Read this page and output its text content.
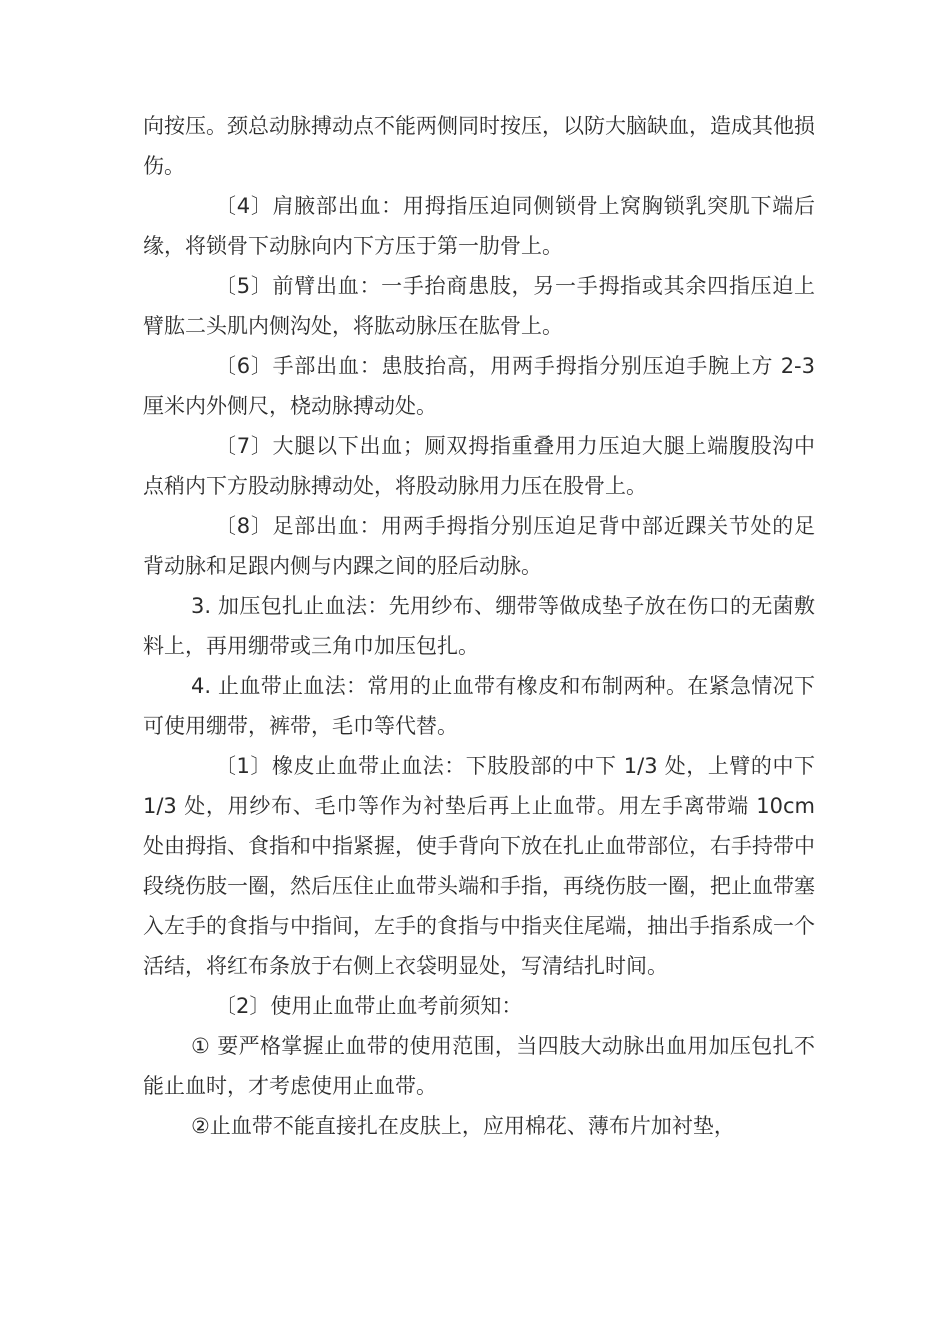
向按压。颈总动脉搏动点不能两侧同时按压，以防大脑缺血，造成其他损伤。

〔4〕肩腋部出血：用拇指压迫同侧锁骨上窝胸锁乳突肌下端后缘，将锁骨下动脉向内下方压于第一肋骨上。

〔5〕前臂出血：一手抬商患肢，另一手拇指或其余四指压迫上臂肱二头肌内侧沟处，将肱动脉压在肱骨上。

〔6〕手部出血：患肢抬高，用两手拇指分别压迫手腕上方 2-3 厘米内外侧尺，桡动脉搏动处。

〔7〕大腿以下出血；厕双拇指重叠用力压迫大腿上端腹股沟中点稍内下方股动脉搏动处，将股动脉用力压在股骨上。

〔8〕足部出血：用两手拇指分别压迫足背中部近踝关节处的足背动脉和足跟内侧与内踝之间的胫后动脉。

3. 加压包扎止血法：先用纱布、绷带等做成垫子放在伤口的无菌敷料上，再用绷带或三角巾加压包扎。

4. 止血带止血法：常用的止血带有橡皮和布制两种。在紧急情况下可使用绷带，裤带，毛巾等代替。

〔1〕橡皮止血带止血法：下肢股部的中下 1/3 处，上臂的中下 1/3 处，用纱布、毛巾等作为衬垫后再上止血带。用左手离带端 10cm 处由拇指、食指和中指紧握，使手背向下放在扎止血带部位，右手持带中段绕伤肢一圈，然后压住止血带头端和手指，再绕伤肢一圈，把止血带塞入左手的食指与中指间，左手的食指与中指夹住尾端，抽出手指系成一个活结，将红布条放于右侧上衣袋明显处，写清结扎时间。

〔2〕使用止血带止血考前须知：

① 要严格掌握止血带的使用范围，当四肢大动脉出血用加压包扎不能止血时，才考虑使用止血带。

②止血带不能直接扎在皮肤上，应用棉花、薄布片加衬垫，
